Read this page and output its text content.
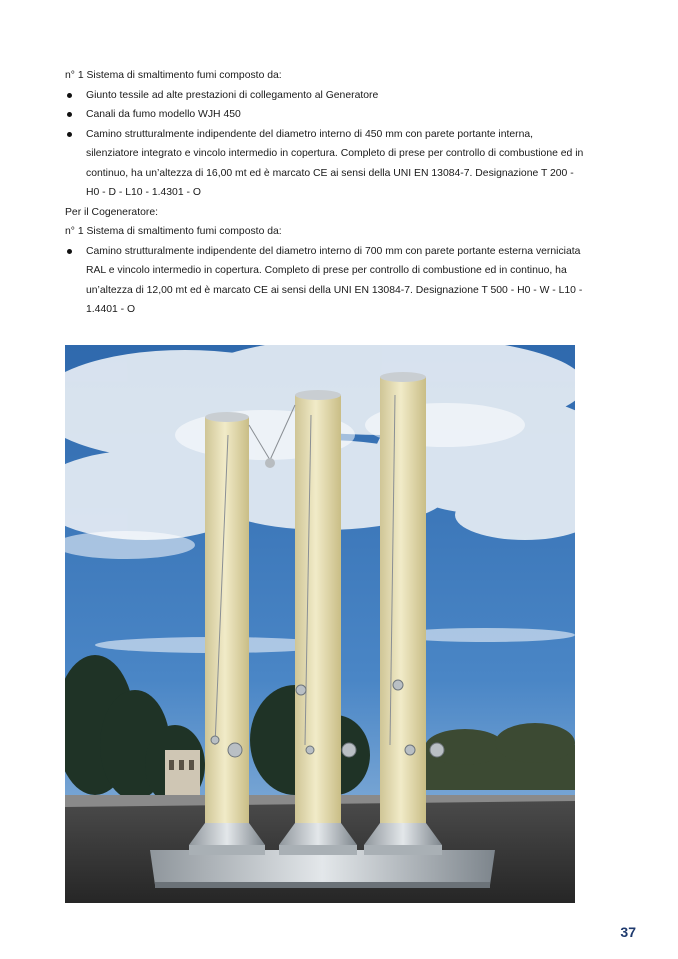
n° 1 Sistema di smaltimento fumi composto da:

Giunto tessile ad alte prestazioni di collegamento al Generatore
Canali da fumo modello WJH 450
Camino strutturalmente indipendente del diametro interno di 450 mm con parete portante interna, silenziatore integrato e vincolo intermedio in copertura. Completo di prese per controllo di combustione ed in continuo, ha un’altezza di 16,00 mt ed è marcato CE ai sensi della UNI EN 13084-7. Designazione T 200 - H0 - D - L10 - 1.4301 - O

Per il Cogeneratore:

n° 1 Sistema di smaltimento fumi composto da:

Camino strutturalmente indipendente del diametro interno di 700 mm con parete portante esterna verniciata RAL e vincolo intermedio in copertura. Completo di prese per controllo di combustione ed in continuo, ha un’altezza di 12,00 mt ed è marcato CE ai sensi della UNI EN 13084-7. Designazione T 500 - H0 - W - L10 - 1.4401 - O
37
